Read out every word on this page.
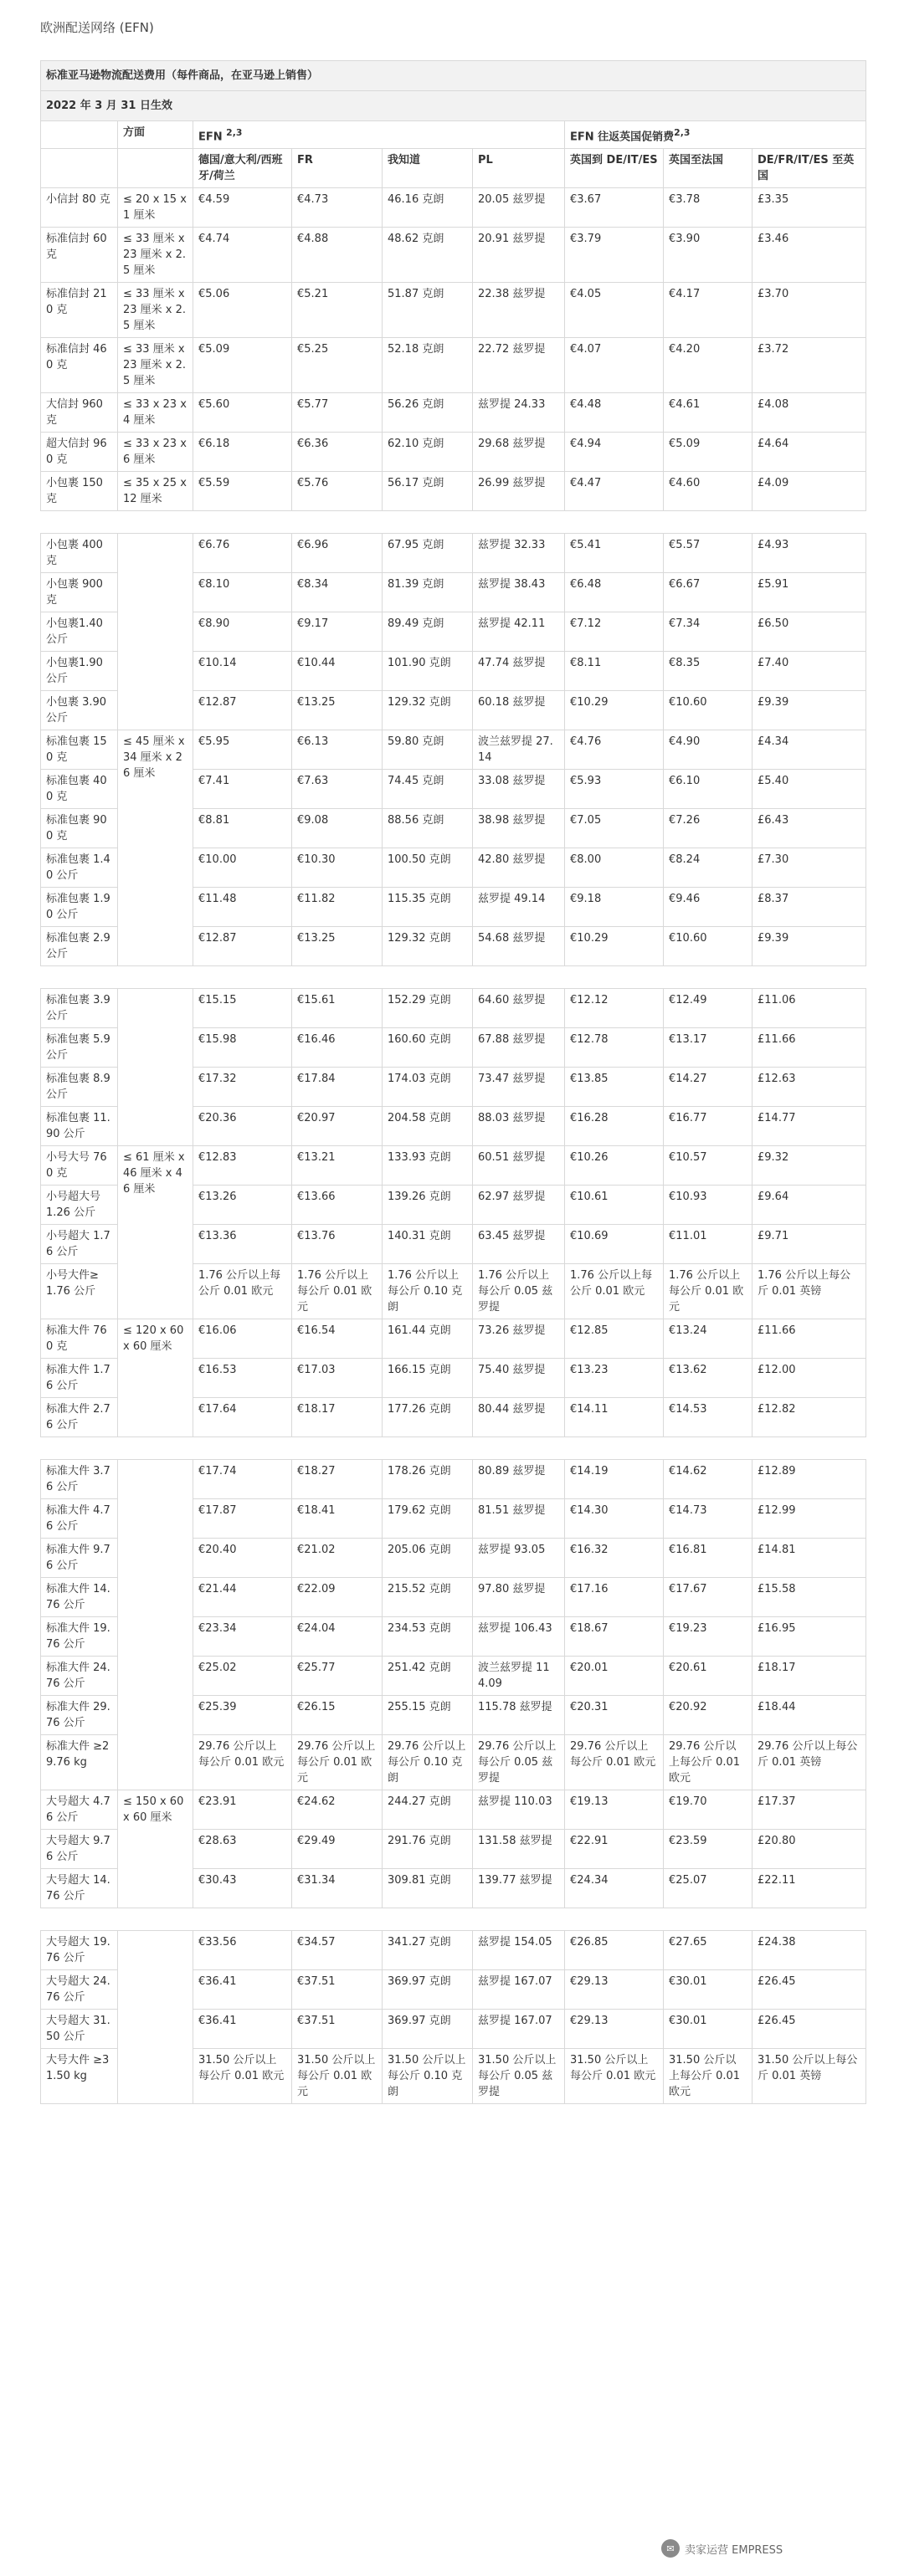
欧洲配送网络 (EFN)
标准亚马逊物流配送费用（每件商品，在亚马逊上销售）								
2022 年 3 月 31 日生效								
	方面	EFN $^{2,3}$				EFN 往返英国促销费$^{2,3}$
		德国/意大利/西班牙/荷兰	FR	我知道	PL	英国到 DE/IT/ES	英国至法国	DE/FR/IT/ES 至英国
小信封 80 克	≤ 20 x 15 x 1 厘米	€4.59	€4.73	46.16 克朗	20.05 兹罗提	€3.67	€3.78	£3.35
标准信封 60 克	≤ 33 厘米 x 23 厘米 x 2.5 厘米	€4.74	€4.88	48.62 克朗	20.91 兹罗提	€3.79	€3.90	£3.46
标准信封 210 克	≤ 33 厘米 x 23 厘米 x 2.5 厘米	€5.06	€5.21	51.87 克朗	22.38 兹罗提	€4.05	€4.17	£3.70
标准信封 460 克	≤ 33 厘米 x 23 厘米 x 2.5 厘米	€5.09	€5.25	52.18 克朗	22.72 兹罗提	€4.07	€4.20	£3.72
大信封 960 克	≤ 33 x 23 x 4 厘米	€5.60	€5.77	56.26 克朗	兹罗提 24.33	€4.48	€4.61	£4.08
超大信封 960 克	≤ 33 x 23 x 6 厘米	€6.18	€6.36	62.10 克朗	29.68 兹罗提	€4.94	€5.09	£4.64
小包裹 150 克	≤ 35 x 25 x 12 厘米	€5.59	€5.76	56.17 克朗	26.99 兹罗提	€4.47	€4.60	£4.09

小包裹 400 克		€6.76	€6.96	67.95 克朗	兹罗提 32.33	€5.41	€5.57	£4.93
小包裹 900 克		€8.10	€8.34	81.39 克朗	兹罗提 38.43	€6.48	€6.67	£5.91
小包裹1.40 公斤		€8.90	€9.17	89.49 克朗	兹罗提 42.11	€7.12	€7.34	£6.50
小包裹1.90 公斤		€10.14	€10.44	101.90 克朗	47.74 兹罗提	€8.11	€8.35	£7.40
小包裹 3.90 公斤		€12.87	€13.25	129.32 克朗	60.18 兹罗提	€10.29	€10.60	£9.39
标准包裹 150 克	≤ 45 厘米 x 34 厘米 x 26 厘米	€5.95	€6.13	59.80 克朗	波兰兹罗提 27.14	€4.76	€4.90	£4.34
标准包裹 400 克		€7.41	€7.63	74.45 克朗	33.08 兹罗提	€5.93	€6.10	£5.40
标准包裹 900 克		€8.81	€9.08	88.56 克朗	38.98 兹罗提	€7.05	€7.26	£6.43
标准包裹 1.40 公斤		€10.00	€10.30	100.50 克朗	42.80 兹罗提	€8.00	€8.24	£7.30
标准包裹 1.90 公斤		€11.48	€11.82	115.35 克朗	兹罗提 49.14	€9.18	€9.46	£8.37
标准包裹 2.9 公斤		€12.87	€13.25	129.32 克朗	54.68 兹罗提	€10.29	€10.60	£9.39

标准包裹 3.9 公斤		€15.15	€15.61	152.29 克朗	64.60 兹罗提	€12.12	€12.49	£11.06
标准包裹 5.9 公斤		€15.98	€16.46	160.60 克朗	67.88 兹罗提	€12.78	€13.17	£11.66
标准包裹 8.9 公斤		€17.32	€17.84	174.03 克朗	73.47 兹罗提	€13.85	€14.27	£12.63
标准包裹 11.90 公斤		€20.36	€20.97	204.58 克朗	88.03 兹罗提	€16.28	€16.77	£14.77
小号大号 760 克	≤ 61 厘米 x 46 厘米 x 46 厘米	€12.83	€13.21	133.93 克朗	60.51 兹罗提	€10.26	€10.57	£9.32
小号超大号 1.26 公斤		€13.26	€13.66	139.26 克朗	62.97 兹罗提	€10.61	€10.93	£9.64
小号超大 1.76 公斤		€13.36	€13.76	140.31 克朗	63.45 兹罗提	€10.69	€11.01	£9.71
小号大件≥ 1.76 公斤		1.76 公斤以上每公斤 0.01 欧元	1.76 公斤以上每公斤 0.01 欧元	1.76 公斤以上每公斤 0.10 克朗	1.76 公斤以上每公斤 0.05 兹罗提	1.76 公斤以上每公斤 0.01 欧元	1.76 公斤以上每公斤 0.01 欧元	1.76 公斤以上每公斤 0.01 英镑
标准大件 760 克	≤ 120 x 60 x 60 厘米	€16.06	€16.54	161.44 克朗	73.26 兹罗提	€12.85	€13.24	£11.66
标准大件 1.76 公斤		€16.53	€17.03	166.15 克朗	75.40 兹罗提	€13.23	€13.62	£12.00
标准大件 2.76 公斤		€17.64	€18.17	177.26 克朗	80.44 兹罗提	€14.11	€14.53	£12.82

标准大件 3.76 公斤		€17.74	€18.27	178.26 克朗	80.89 兹罗提	€14.19	€14.62	£12.89
标准大件 4.76 公斤		€17.87	€18.41	179.62 克朗	81.51 兹罗提	€14.30	€14.73	£12.99
标准大件 9.76 公斤		€20.40	€21.02	205.06 克朗	兹罗提 93.05	€16.32	€16.81	£14.81
标准大件 14.76 公斤		€21.44	€22.09	215.52 克朗	97.80 兹罗提	€17.16	€17.67	£15.58
标准大件 19.76 公斤		€23.34	€24.04	234.53 克朗	兹罗提 106.43	€18.67	€19.23	£16.95
标准大件 24.76 公斤		€25.02	€25.77	251.42 克朗	波兰兹罗提 114.09	€20.01	€20.61	£18.17
标准大件 29.76 公斤		€25.39	€26.15	255.15 克朗	115.78 兹罗提	€20.31	€20.92	£18.44
标准大件 ≥29.76 kg		29.76 公斤以上每公斤 0.01 欧元	29.76 公斤以上每公斤 0.01 欧元	29.76 公斤以上每公斤 0.10 克朗	29.76 公斤以上每公斤 0.05 兹罗提	29.76 公斤以上每公斤 0.01 欧元	29.76 公斤以上每公斤 0.01 欧元	29.76 公斤以上每公斤 0.01 英镑
大号超大 4.76 公斤	≤ 150 x 60 x 60 厘米	€23.91	€24.62	244.27 克朗	兹罗提 110.03	€19.13	€19.70	£17.37
大号超大 9.76 公斤		€28.63	€29.49	291.76 克朗	131.58 兹罗提	€22.91	€23.59	£20.80
大号超大 14.76 公斤		€30.43	€31.34	309.81 克朗	139.77 兹罗提	€24.34	€25.07	£22.11

大号超大 19.76 公斤		€33.56	€34.57	341.27 克朗	兹罗提 154.05	€26.85	€27.65	£24.38
大号超大 24.76 公斤		€36.41	€37.51	369.97 克朗	兹罗提 167.07	€29.13	€30.01	£26.45
大号超大 31.50 公斤		€36.41	€37.51	369.97 克朗	兹罗提 167.07	€29.13	€30.01	£26.45
大号大件 ≥31.50 kg		31.50 公斤以上每公斤 0.01 欧元	31.50 公斤以上每公斤 0.01 欧元	31.50 公斤以上每公斤 0.10 克朗	31.50 公斤以上每公斤 0.05 兹罗提	31.50 公斤以上每公斤 0.01 欧元	31.50 公斤以上每公斤 0.01 欧元	31.50 公斤以上每公斤 0.01 英镑
✉ 卖家运营 EMPRESS
